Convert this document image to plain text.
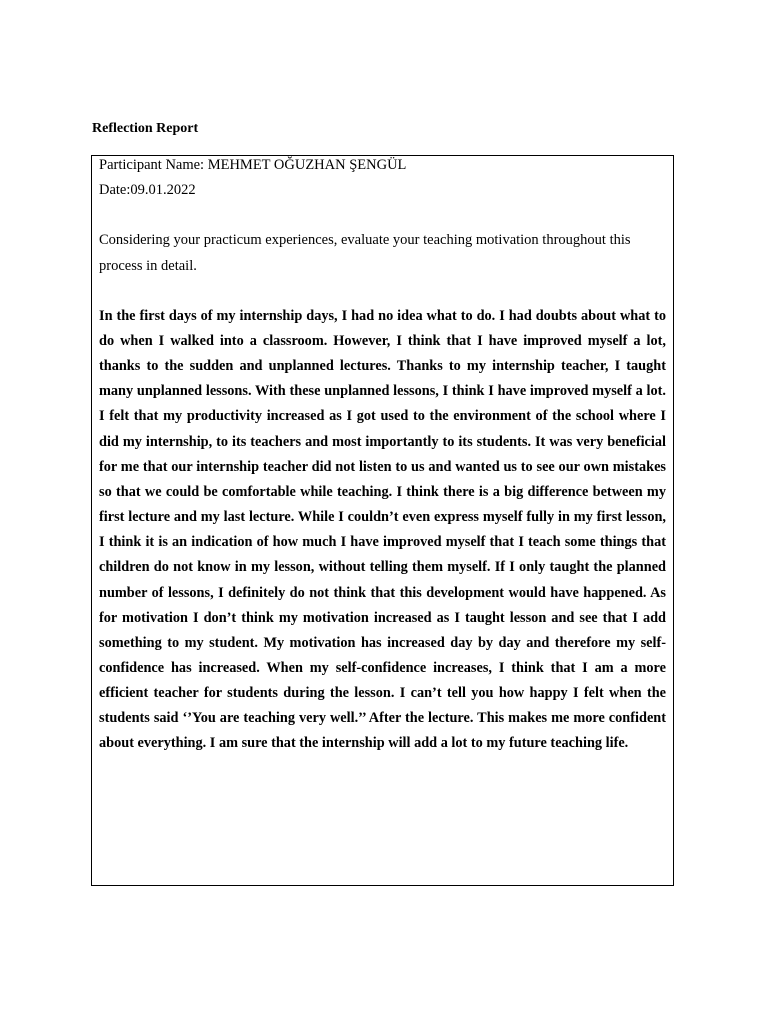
Reflection Report

Participant Name: MEHMET OĞUZHAN ŞENGÜL

Date:09.01.2022

Considering your practicum experiences, evaluate your teaching motivation throughout this process in detail.

In the first days of my internship days, I had no idea what to do. I had doubts about what to do when I walked into a classroom. However, I think that I have improved myself a lot, thanks to the sudden and unplanned lectures. Thanks to my internship teacher, I taught many unplanned lessons. With these unplanned lessons, I think I have improved myself a lot. I felt that my productivity increased as I got used to the environment of the school where I did my internship, to its teachers and most importantly to its students. It was very beneficial for me that our internship teacher did not listen to us and wanted us to see our own mistakes so that we could be comfortable while teaching. I think there is a big difference between my first lecture and my last lecture. While I couldn’t even express myself fully in my first lesson, I think it is an indication of how much I have improved myself that I teach some things that children do not know in my lesson, without telling them myself. If I only taught the planned number of lessons, I definitely do not think that this development would have happened. As for motivation I don’t think my motivation increased as I taught lesson and see that I add something to my student. My motivation has increased day by day and therefore my self-confidence has increased. When my self-confidence increases, I think that I am a more efficient teacher for students during the lesson. I can’t tell you how happy I felt when the students said ‘’You are teaching very well.’’ After the lecture. This makes me more confident about everything. I am sure that the internship will add a lot to my future teaching life.
